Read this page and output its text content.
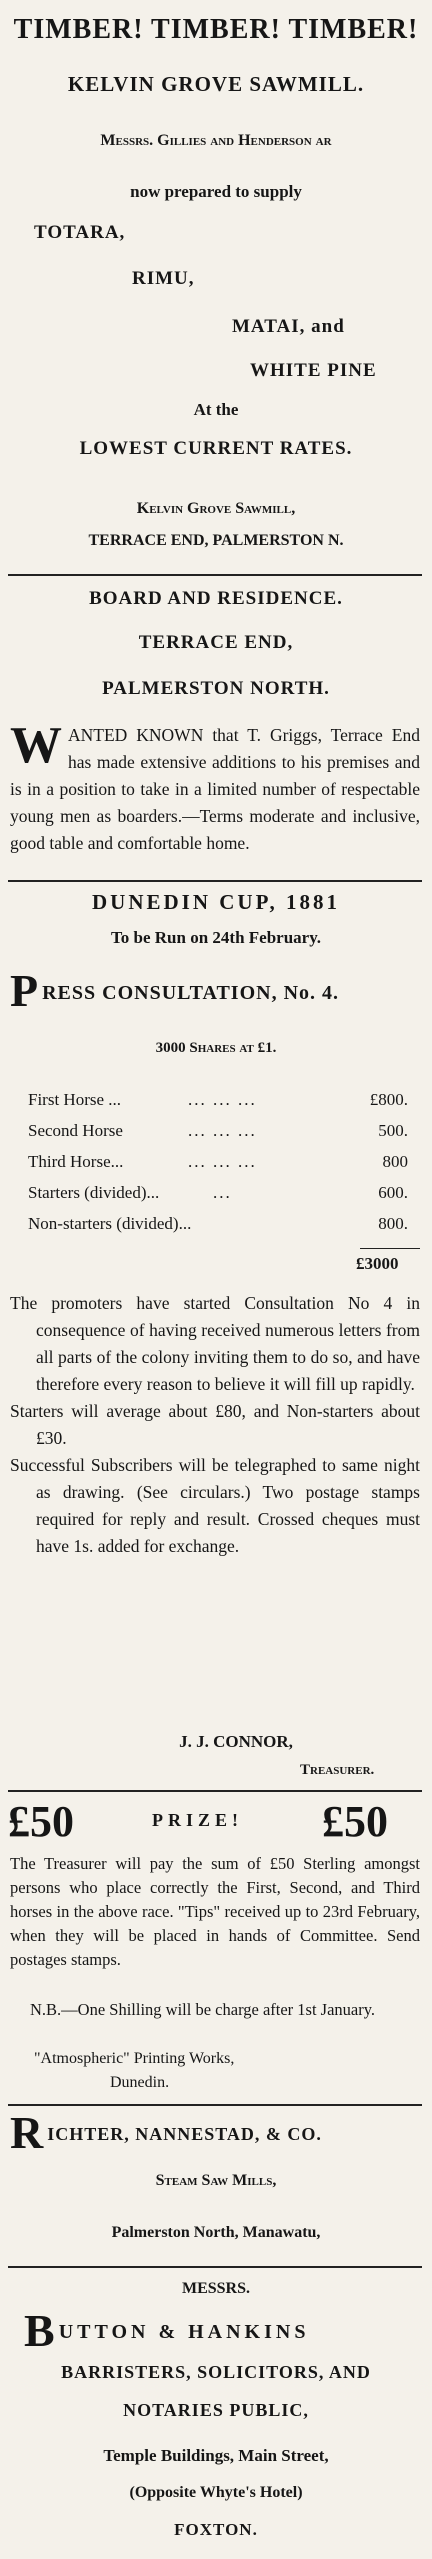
TIMBER! TIMBER! TIMBER!
KELVIN GROVE SAWMILL.
Messrs. Gillies and Henderson ar
now prepared to supply
TOTARA,
RIMU,
MATAI, and
WHITE PINE
At the
LOWEST CURRENT RATES.
Kelvin Grove Sawmill,
TERRACE END, PALMERSTON N.
BOARD AND RESIDENCE.
TERRACE END,
PALMERSTON NORTH.
WANTED KNOWN that T. Griggs, Terrace End has made extensive additions to his premises and is in a position to take in a limited number of respectable young men as boarders.—Terms moderate and inclusive, good table and comfortable home.
DUNEDIN CUP, 1881
To be Run on 24th February.
PRESS CONSULTATION, No. 4.
3000 Shares at £1.
First Horse ...	... ... ...	£800.
Second Horse	... ... ...	500.
Third Horse...	... ... ...	800
Starters (divided)...	...	600.
Non-starters (divided)...	800.
£3000

The promoters have started Consultation No 4 in consequence of having received numerous letters from all parts of the colony inviting them to do so, and have therefore every reason to believe it will fill up rapidly.

Starters will average about £80, and Non-starters about £30.

Successful Subscribers will be telegraphed to same night as drawing. (See circulars.) Two postage stamps required for reply and result. Crossed cheques must have 1s. added for exchange.

J. J. CONNOR,
Treasurer.
£50	PRIZE! £50
The Treasurer will pay the sum of £50 Sterling amongst persons who place correctly the First, Second, and Third horses in the above race. "Tips" received up to 23rd February, when they will be placed in hands of Committee. Send postages stamps.
N.B.—One Shilling will be charge after 1st January.
"Atmospheric" Printing Works,
Dunedin.
RICHTER, NANNESTAD, & CO.
Steam Saw Mills,
Palmerston North, Manawatu,
MESSRS.
BUTTON & HANKINS
BARRISTERS, SOLICITORS, AND
NOTARIES PUBLIC,
Temple Buildings, Main Street,
(Opposite Whyte's Hotel)
FOXTON.
